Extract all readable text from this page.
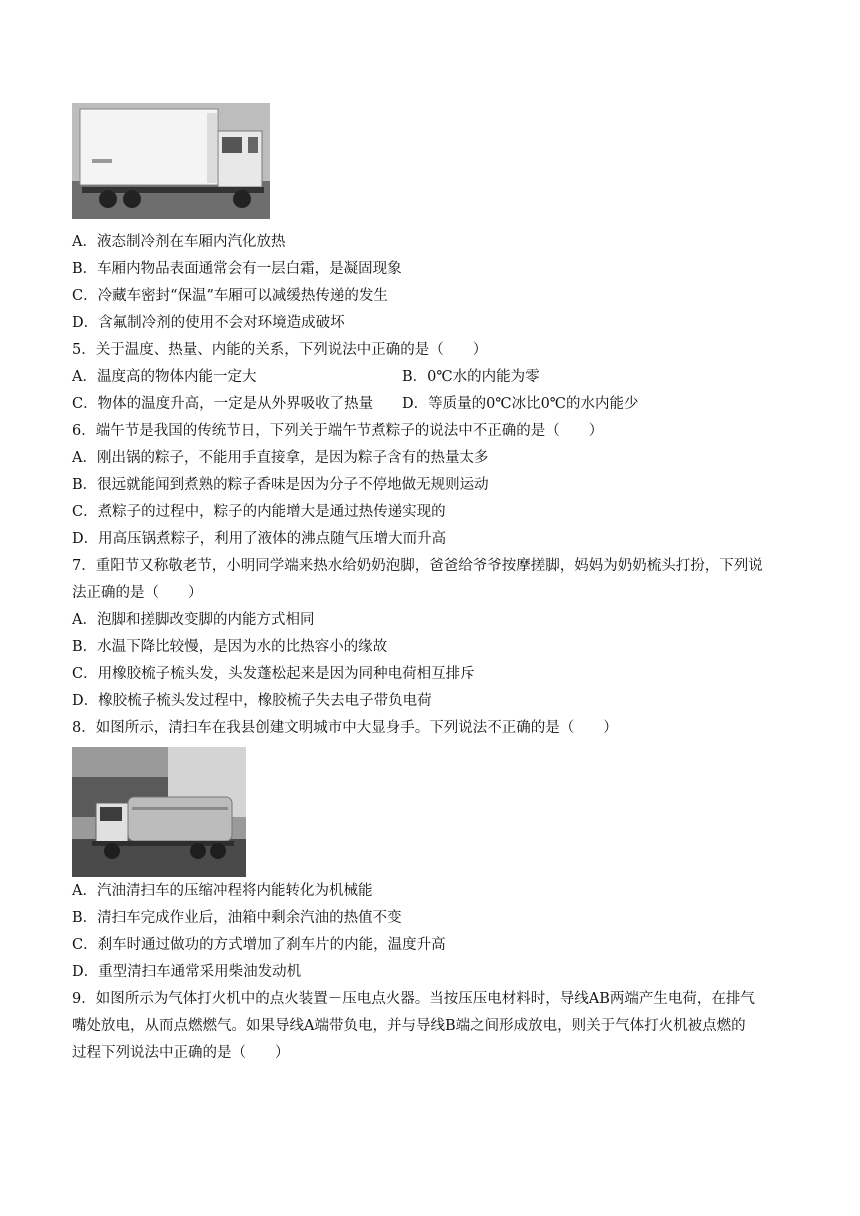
A．液态制冷剂在车厢内汽化放热
B．车厢内物品表面通常会有一层白霜，是凝固现象
C．冷藏车密封“保温”车厢可以减缓热传递的发生
D．含氟制冷剂的使用不会对环境造成破坏
5．关于温度、热量、内能的关系，下列说法中正确的是（　　）
A．温度高的物体内能一定大	B．0℃水的内能为零
C．物体的温度升高，一定是从外界吸收了热量 D．等质量的0℃冰比0℃的水内能少
6．端午节是我国的传统节日，下列关于端午节煮粽子的说法中不正确的是（　　）
A．刚出锅的粽子，不能用手直接拿，是因为粽子含有的热量太多
B．很远就能闻到煮熟的粽子香味是因为分子不停地做无规则运动
C．煮粽子的过程中，粽子的内能增大是通过热传递实现的
D．用高压锅煮粽子，利用了液体的沸点随气压增大而升高
7．重阳节又称敬老节，小明同学端来热水给奶奶泡脚，爸爸给爷爷按摩搓脚，妈妈为奶奶梳头打扮，下列说
法正确的是（　　）
A．泡脚和搓脚改变脚的内能方式相同
B．水温下降比较慢，是因为水的比热容小的缘故
C．用橡胶梳子梳头发，头发蓬松起来是因为同种电荷相互排斥
D．橡胶梳子梳头发过程中，橡胶梳子失去电子带负电荷
8．如图所示，清扫车在我县创建文明城市中大显身手。下列说法不正确的是（　　）
A．汽油清扫车的压缩冲程将内能转化为机械能
B．清扫车完成作业后，油箱中剩余汽油的热值不变
C．刹车时通过做功的方式增加了刹车片的内能，温度升高
D．重型清扫车通常采用柴油发动机
9．如图所示为气体打火机中的点火装置－压电点火器。当按压压电材料时，导线AB两端产生电荷，在排气
嘴处放电，从而点燃燃气。如果导线A端带负电，并与导线B端之间形成放电，则关于气体打火机被点燃的
过程下列说法中正确的是（　　）
